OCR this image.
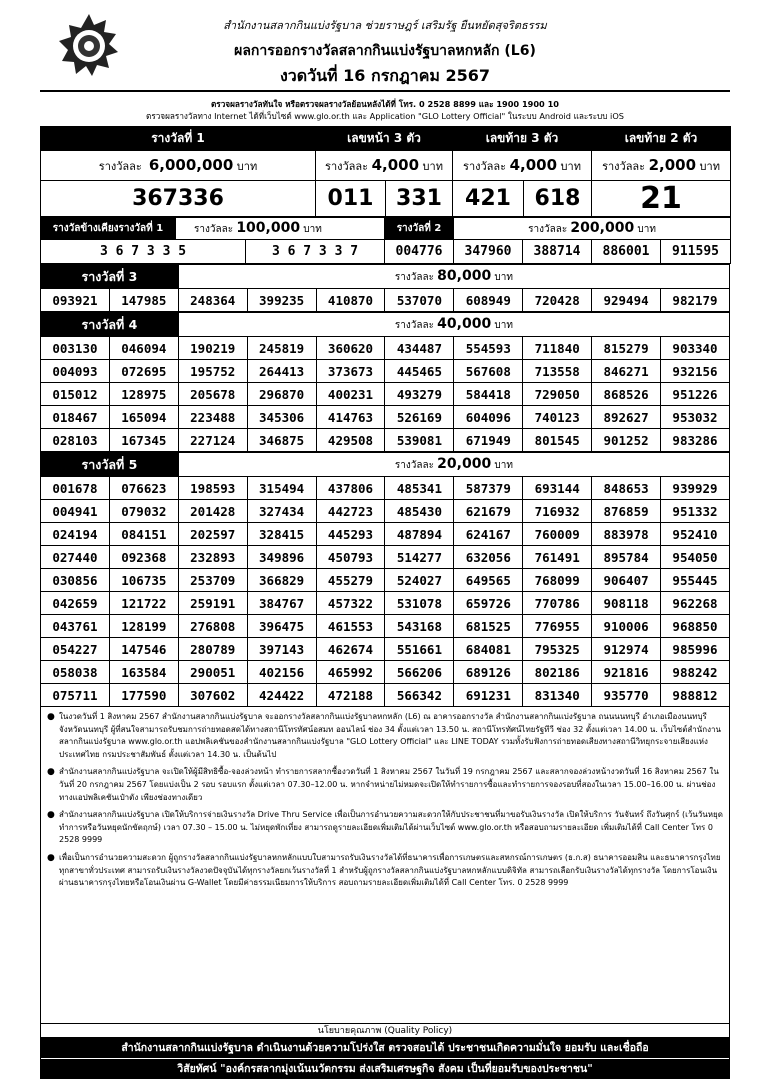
สำนักงานสลากกินแบ่งรัฐบาล ช่วยราษฎร์ เสริมรัฐ ยืนหยัดสุจริตธรรม
ผลการออกรางวัลสลากกินแบ่งรัฐบาลหกหลัก (L6)
งวดวันที่ 16 กรกฎาคม 2567
ตรวจผลรางวัลทันใจ หรือตรวจผลรางวัลย้อนหลังได้ที่ โทร. 0 2528 8899 และ 1900 1900 10
ตรวจผลรางวัลทาง Internet ได้ที่เว็บไซต์ www.glo.or.th และ Application "GLO Lottery Official" ในระบบ Android และระบบ iOS
รางวัลที่ 1	เลขหน้า 3 ตัว		เลขท้าย 3 ตัว		เลขท้าย 2 ตัว
รางวัลละ 6,000,000 บาท	รางวัลละ 4,000 บาท		รางวัลละ 4,000 บาท		รางวัลละ 2,000 บาท
367336	011	331	421	618	21
รางวัลข้างเคียงรางวัลที่ 1	รางวัลละ 100,000 บาท		รางวัลที่ 2	รางวัลละ 200,000 บาท			
3 6 7 3 3 5		3 6 7 3 3 7	004776	347960	388714	886001	911595
รางวัลที่ 3		รางวัลละ 80,000 บาท							
093921	147985	248364	399235	410870	537070	608949	720428	929494	982179
รางวัลที่ 4		รางวัลละ 40,000 บาท							
003130	046094	190219	245819	360620	434487	554593	711840	815279	903340
004093	072695	195752	264413	373673	445465	567608	713558	846271	932156
015012	128975	205678	296870	400231	493279	584418	729050	868526	951226
018467	165094	223488	345306	414763	526169	604096	740123	892627	953032
028103	167345	227124	346875	429508	539081	671949	801545	901252	983286
รางวัลที่ 5		รางวัลละ 20,000 บาท							
001678	076623	198593	315494	437806	485341	587379	693144	848653	939929
004941	079032	201428	327434	442723	485430	621679	716932	876859	951332
024194	084151	202597	328415	445293	487894	624167	760009	883978	952410
027440	092368	232893	349896	450793	514277	632056	761491	895784	954050
030856	106735	253709	366829	455279	524027	649565	768099	906407	955445
042659	121722	259191	384767	457322	531078	659726	770786	908118	962268
043761	128199	276808	396475	461553	543168	681525	776955	910006	968850
054227	147546	280789	397143	462674	551661	684081	795325	912974	985996
058038	163584	290051	402156	465992	566206	689126	802186	921816	988242
075711	177590	307602	424422	472188	566342	691231	831340	935770	988812
● ในงวดวันที่ 1 สิงหาคม 2567 สำนักงานสลากกินแบ่งรัฐบาล จะออกรางวัลสลากกินแบ่งรัฐบาลหกหลัก (L6) ณ อาคารออกรางวัล สำนักงานสลากกินแบ่งรัฐบาล ถนนนนทบุรี อำเภอเมืองนนทบุรี จังหวัดนนทบุรี ผู้ที่สนใจสามารถรับชมการถ่ายทอดสดได้ทางสถานีโทรทัศน์อสมท ออนไลน์ ช่อง 34 ตั้งแต่เวลา 13.50 น. สถานีโทรทัศน์ไทยรัฐทีวี ช่อง 32 ตั้งแต่เวลา 14.00 น. เว็บไซต์สำนักงานสลากกินแบ่งรัฐบาล www.glo.or.th แอปพลิเคชันของสำนักงานสลากกินแบ่งรัฐบาล "GLO Lottery Official" และ LINE TODAY รวมทั้งรับฟังการถ่ายทอดเสียงทางสถานีวิทยุกระจายเสียงแห่งประเทศไทย กรมประชาสัมพันธ์ ตั้งแต่เวลา 14.30 น. เป็นต้นไป
● สำนักงานสลากกินแบ่งรัฐบาล จะเปิดให้ผู้มีสิทธิซื้อ-จองล่วงหน้า ทำรายการสลากซื้องวดวันที่ 1 สิงหาคม 2567 ในวันที่ 19 กรกฎาคม 2567 และสลากจองล่วงหน้างวดวันที่ 16 สิงหาคม 2567 ในวันที่ 20 กรกฎาคม 2567 โดยแบ่งเป็น 2 รอบ รอบแรก ตั้งแต่เวลา 07.30–12.00 น. หากจำหน่ายไม่หมดจะเปิดให้ทำรายการซื้อและทำรายการจองรอบที่สองในเวลา 15.00–16.00 น. ผ่านช่องทางแอปพลิเคชันเป๋าตัง เพียงช่องทางเดียว
● สำนักงานสลากกินแบ่งรัฐบาล เปิดให้บริการจ่ายเงินรางวัล Drive Thru Service เพื่อเป็นการอำนวยความสะดวกให้กับประชาชนที่มาขอรับเงินรางวัล เปิดให้บริการ วันจันทร์ ถึงวันศุกร์ (เว้นวันหยุดทำการหรือวันหยุดนักขัตฤกษ์) เวลา 07.30 – 15.00 น. ไม่หยุดพักเที่ยง สามารถดูรายละเอียดเพิ่มเติมได้ผ่านเว็บไซต์ www.glo.or.th หรือสอบถามรายละเอียด เพิ่มเติมได้ที่ Call Center โทร 0 2528 9999
● เพื่อเป็นการอำนวยความสะดวก ผู้ถูกรางวัลสลากกินแบ่งรัฐบาลหกหลักแบบใบสามารถรับเงินรางวัลได้ที่ธนาคารเพื่อการเกษตรและสหกรณ์การเกษตร (ธ.ก.ส) ธนาคารออมสิน และธนาคารกรุงไทยทุกสาขาทั่วประเทศ สามารถรับเงินรางวัลงวดปัจจุบันได้ทุกรางวัลยกเว้นรางวัลที่ 1 สำหรับผู้ถูกรางวัลสลากกินแบ่งรัฐบาลหกหลักแบบดิจิทัล สามารถเลือกรับเงินรางวัลได้ทุกรางวัล โดยการโอนเงินผ่านธนาคารกรุงไทยหรือโอนเงินผ่าน G-Wallet โดยมีค่าธรรมเนียมการให้บริการ สอบถามรายละเอียดเพิ่มเติมได้ที่ Call Center โทร. 0 2528 9999
นโยบายคุณภาพ (Quality Policy)
สำนักงานสลากกินแบ่งรัฐบาล ดำเนินงานด้วยความโปร่งใส ตรวจสอบได้ ประชาชนเกิดความมั่นใจ ยอมรับ และเชื่อถือ
วิสัยทัศน์ "องค์กรสลากมุ่งเน้นนวัตกรรม ส่งเสริมเศรษฐกิจ สังคม เป็นที่ยอมรับของประชาชน"
